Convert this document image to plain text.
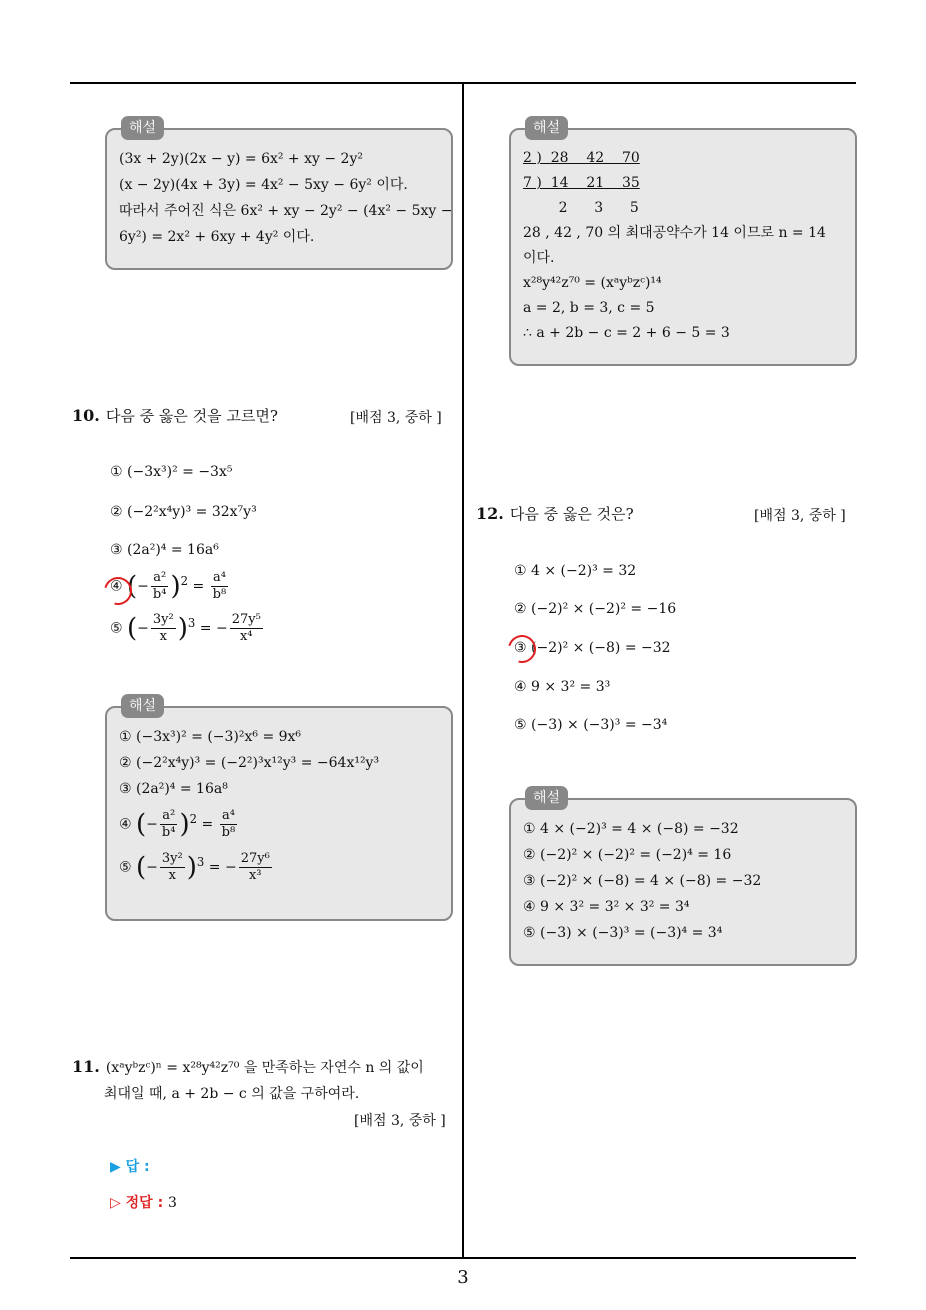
해설
(3x + 2y)(2x − y) = 6x² + xy − 2y²
(x − 2y)(4x + 3y) = 4x² − 5xy − 6y² 이다.
따라서 주어진 식은 6x² + xy − 2y² − (4x² − 5xy −
6y²) = 2x² + 6xy + 4y² 이다.
10. 다음 중 옳은 것을 고르면?	[배점 3, 중하 ]
① (−3x³)² = −3x⁵
② (−2²x⁴y)³ = 32x⁷y³
③ (2a²)⁴ = 16a⁶
④ (− $\frac{\text{a²}}{\text{b⁴}} )^2 = \frac{\text{a⁴}}{\text{b⁸}}$
⑤ (− $\frac{\text{3y²}}{x} )^3$ = − $\frac{\text{27y⁵}}{\text{x⁴}}$
해설
① (−3x³)² = (−3)²x⁶ = 9x⁶
② (−2²x⁴y)³ = (−2²)³x¹²y³ = −64x¹²y³
③ (2a²)⁴ = 16a⁸
④ (− $\frac{\text{a²}}{\text{b⁴}} )^2 = \frac{\text{a⁴}}{\text{b⁸}}$
⑤ (− $\frac{\text{3y²}}{x} )^3$ = − $\frac{\text{27y⁶}}{\text{x³}}$
11. (xᵃyᵇzᶜ)ⁿ = x²⁸y⁴²z⁷⁰ 을 만족하는 자연수 n 의 값이
최대일 때, a + 2b − c 의 값을 구하여라.
[배점 3, 중하 ]
▶ 답 :
▷ 정답 : 3
해설
2 )  28    42    70
7 )  14    21    35
2      3      5
28 , 42 , 70 의 최대공약수가 14 이므로 n = 14
이다.
x²⁸y⁴²z⁷⁰ = (xᵃyᵇzᶜ)¹⁴
a = 2, b = 3, c = 5
∴ a + 2b − c = 2 + 6 − 5 = 3
12. 다음 중 옳은 것은?	[배점 3, 중하 ]
① 4 × (−2)³ = 32
② (−2)² × (−2)² = −16
③ (−2)² × (−8) = −32
④ 9 × 3² = 3³
⑤ (−3) × (−3)³ = −3⁴
해설
① 4 × (−2)³ = 4 × (−8) = −32
② (−2)² × (−2)² = (−2)⁴ = 16
③ (−2)² × (−8) = 4 × (−8) = −32
④ 9 × 3² = 3² × 3² = 3⁴
⑤ (−3) × (−3)³ = (−3)⁴ = 3⁴
3
